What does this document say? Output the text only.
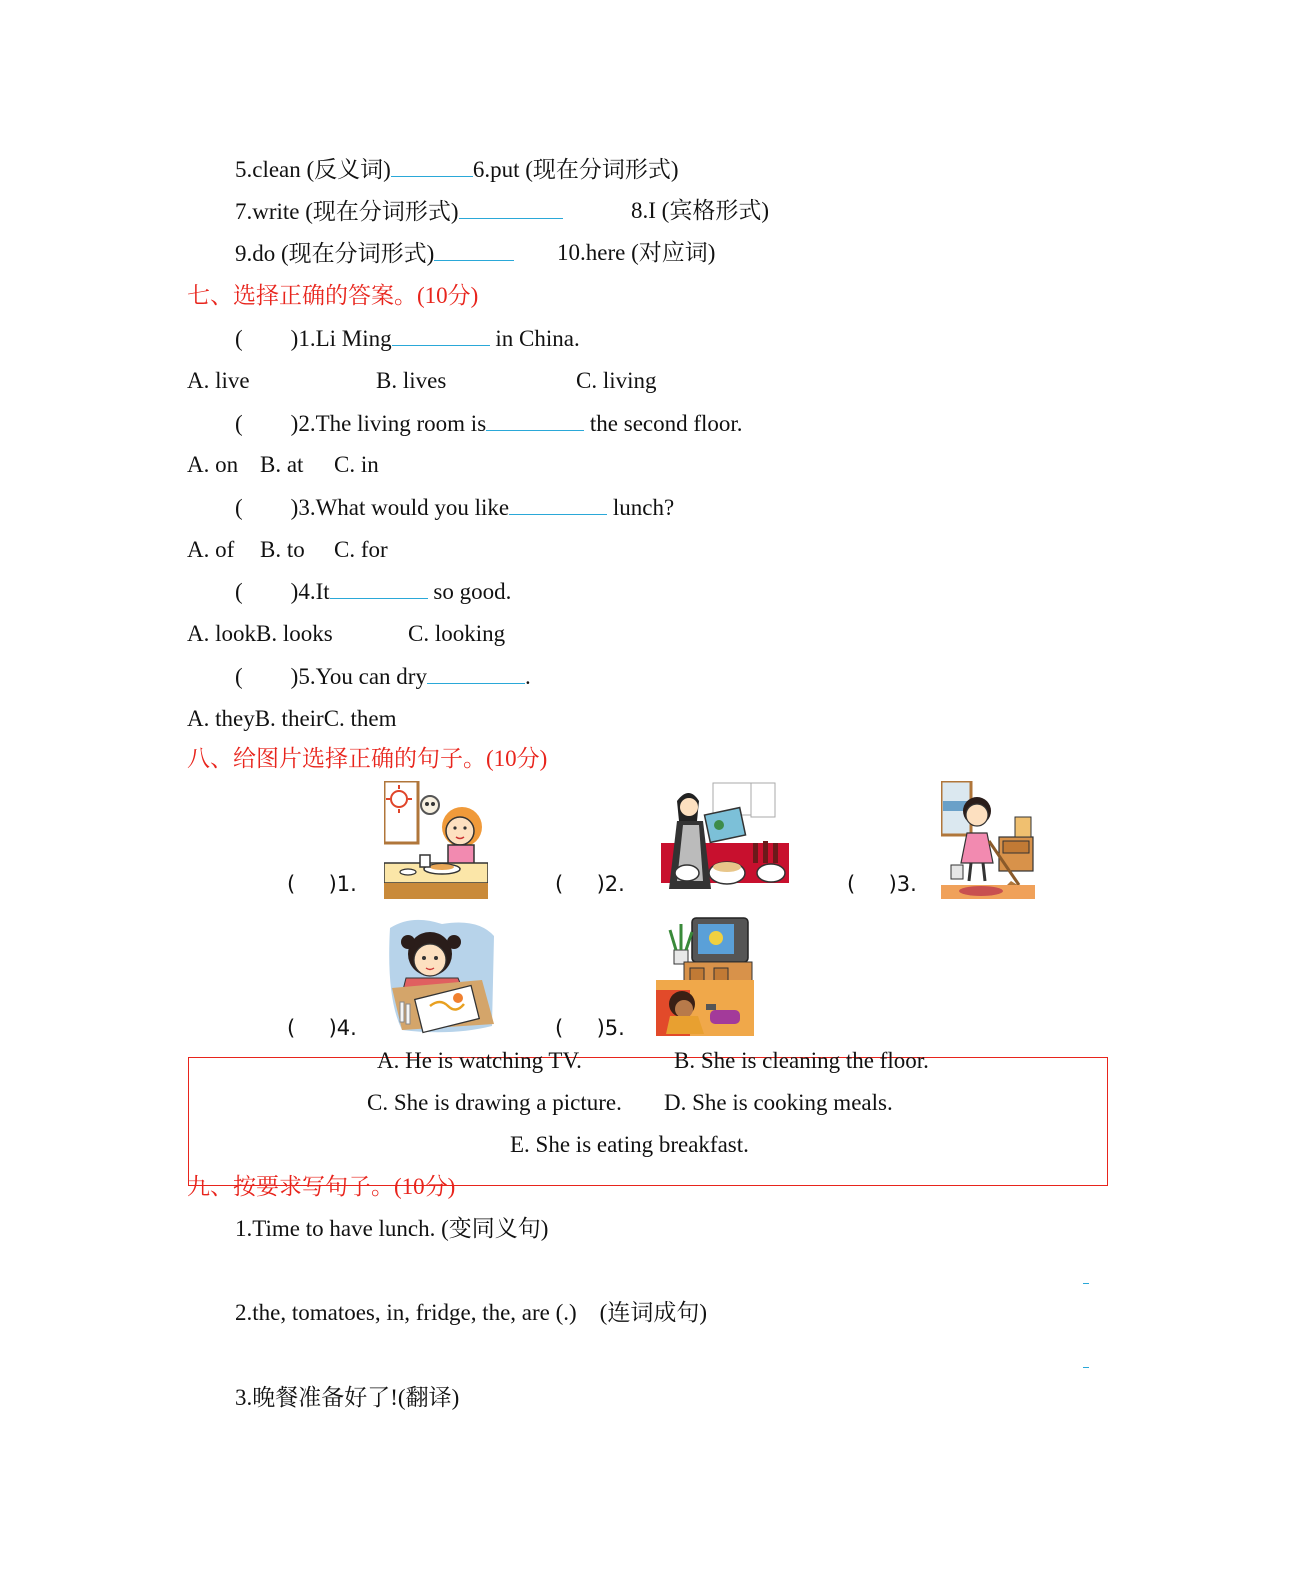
5.clean (反义词)	6.put (现在分词形式)
7.write (现在分词形式)	8.I (宾格形式)
9.do (现在分词形式)	10.here (对应词)
七、选择正确的答案。(10分)
( )1.Li Ming	in China.
A. live	B. lives	C. living
( )2.The living room is	the second floor.
A. on B. at C. in
( )3.What would you like	lunch?
A. of B. to C. for
( )4.It	so good.
A. lookB. looks	C. looking
( )5.You can dry	.
A. theyB. theirC. them
八、给图片选择正确的句子。(10分)
(     )1.	(     )2.	(     )3.
(     )4.	(     )5.
A. He is watching TV.	B. She is cleaning the floor.
C. She is drawing a picture. D. She is cooking meals.
E. She is eating breakfast.
九、按要求写句子。(10分)
1.Time to have lunch. (变同义句)
2.the, tomatoes, in, fridge, the, are (.)    (连词成句)
3.晚餐准备好了!(翻译)
